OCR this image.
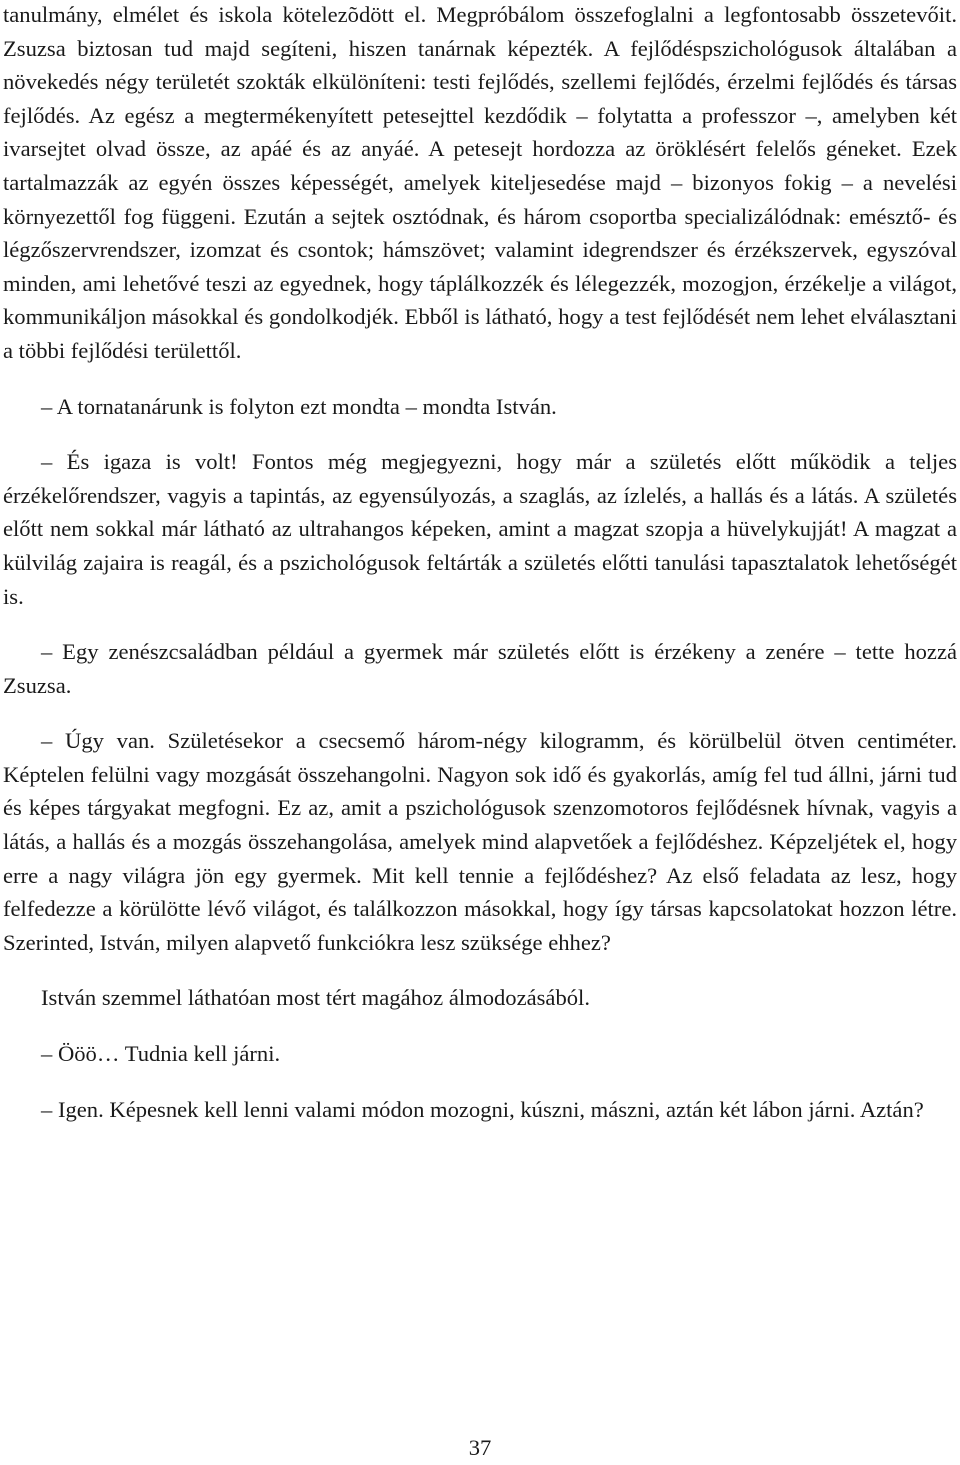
tanulmány, elmélet és iskola kötelezõdött el. Megpróbálom összefoglalni a legfontosabb összetevőit. Zsuzsa biztosan tud majd segíteni, hiszen tanárnak képezték. A fejlődéspszichológusok általában a növekedés négy területét szokták elkülöníteni: testi fejlődés, szellemi fejlődés, érzelmi fejlődés és társas fejlődés. Az egész a megtermékenyített petesejttel kezdődik – folytatta a professzor –, amelyben két ivarsejtet olvad össze, az apáé és az anyáé. A petesejt hordozza az öröklésért felelős géneket. Ezek tartalmazzák az egyén összes képességét, amelyek kiteljesedése majd – bizonyos fokig – a nevelési környezettől fog függeni. Ezután a sejtek osztódnak, és három csoportba specializálódnak: emésztő- és légzőszervrendszer, izomzat és csontok; hámszövet; valamint idegrendszer és érzékszervek, egyszóval minden, ami lehetővé teszi az egyednek, hogy táplálkozzék és lélegezzék, mozogjon, érzékelje a világot, kommunikáljon másokkal és gondolkodjék. Ebből is látható, hogy a test fejlődését nem lehet elválasztani a többi fejlődési területtől.

– A tornatanárunk is folyton ezt mondta – mondta István.

– És igaza is volt! Fontos még megjegyezni, hogy már a születés előtt működik a teljes érzékelőrendszer, vagyis a tapintás, az egyensúlyozás, a szaglás, az ízlelés, a hallás és a látás. A születés előtt nem sokkal már látható az ultrahangos képeken, amint a magzat szopja a hüvelykujját! A magzat a külvilág zajaira is reagál, és a pszichológusok feltárták a születés előtti tanulási tapasztalatok lehetőségét is.

– Egy zenészcsaládban például a gyermek már születés előtt is érzékeny a zenére – tette hozzá Zsuzsa.

– Úgy van. Születésekor a csecsemő három-négy kilogramm, és körülbelül ötven centiméter. Képtelen felülni vagy mozgását összehangolni. Nagyon sok idő és gyakorlás, amíg fel tud állni, járni tud és képes tárgyakat megfogni. Ez az, amit a pszichológusok szenzomotoros fejlődésnek hívnak, vagyis a látás, a hallás és a mozgás összehangolása, amelyek mind alapvetőek a fejlődéshez. Képzeljétek el, hogy erre a nagy világra jön egy gyermek. Mit kell tennie a fejlődéshez? Az első feladata az lesz, hogy felfedezze a körülötte lévő világot, és találkozzon másokkal, hogy így társas kapcsolatokat hozzon létre. Szerinted, István, milyen alapvető funkciókra lesz szüksége ehhez?

István szemmel láthatóan most tért magához álmodozásából.

– Ööö… Tudnia kell járni.

– Igen. Képesnek kell lenni valami módon mozogni, kúszni, mászni, aztán két lábon járni. Aztán?

37
